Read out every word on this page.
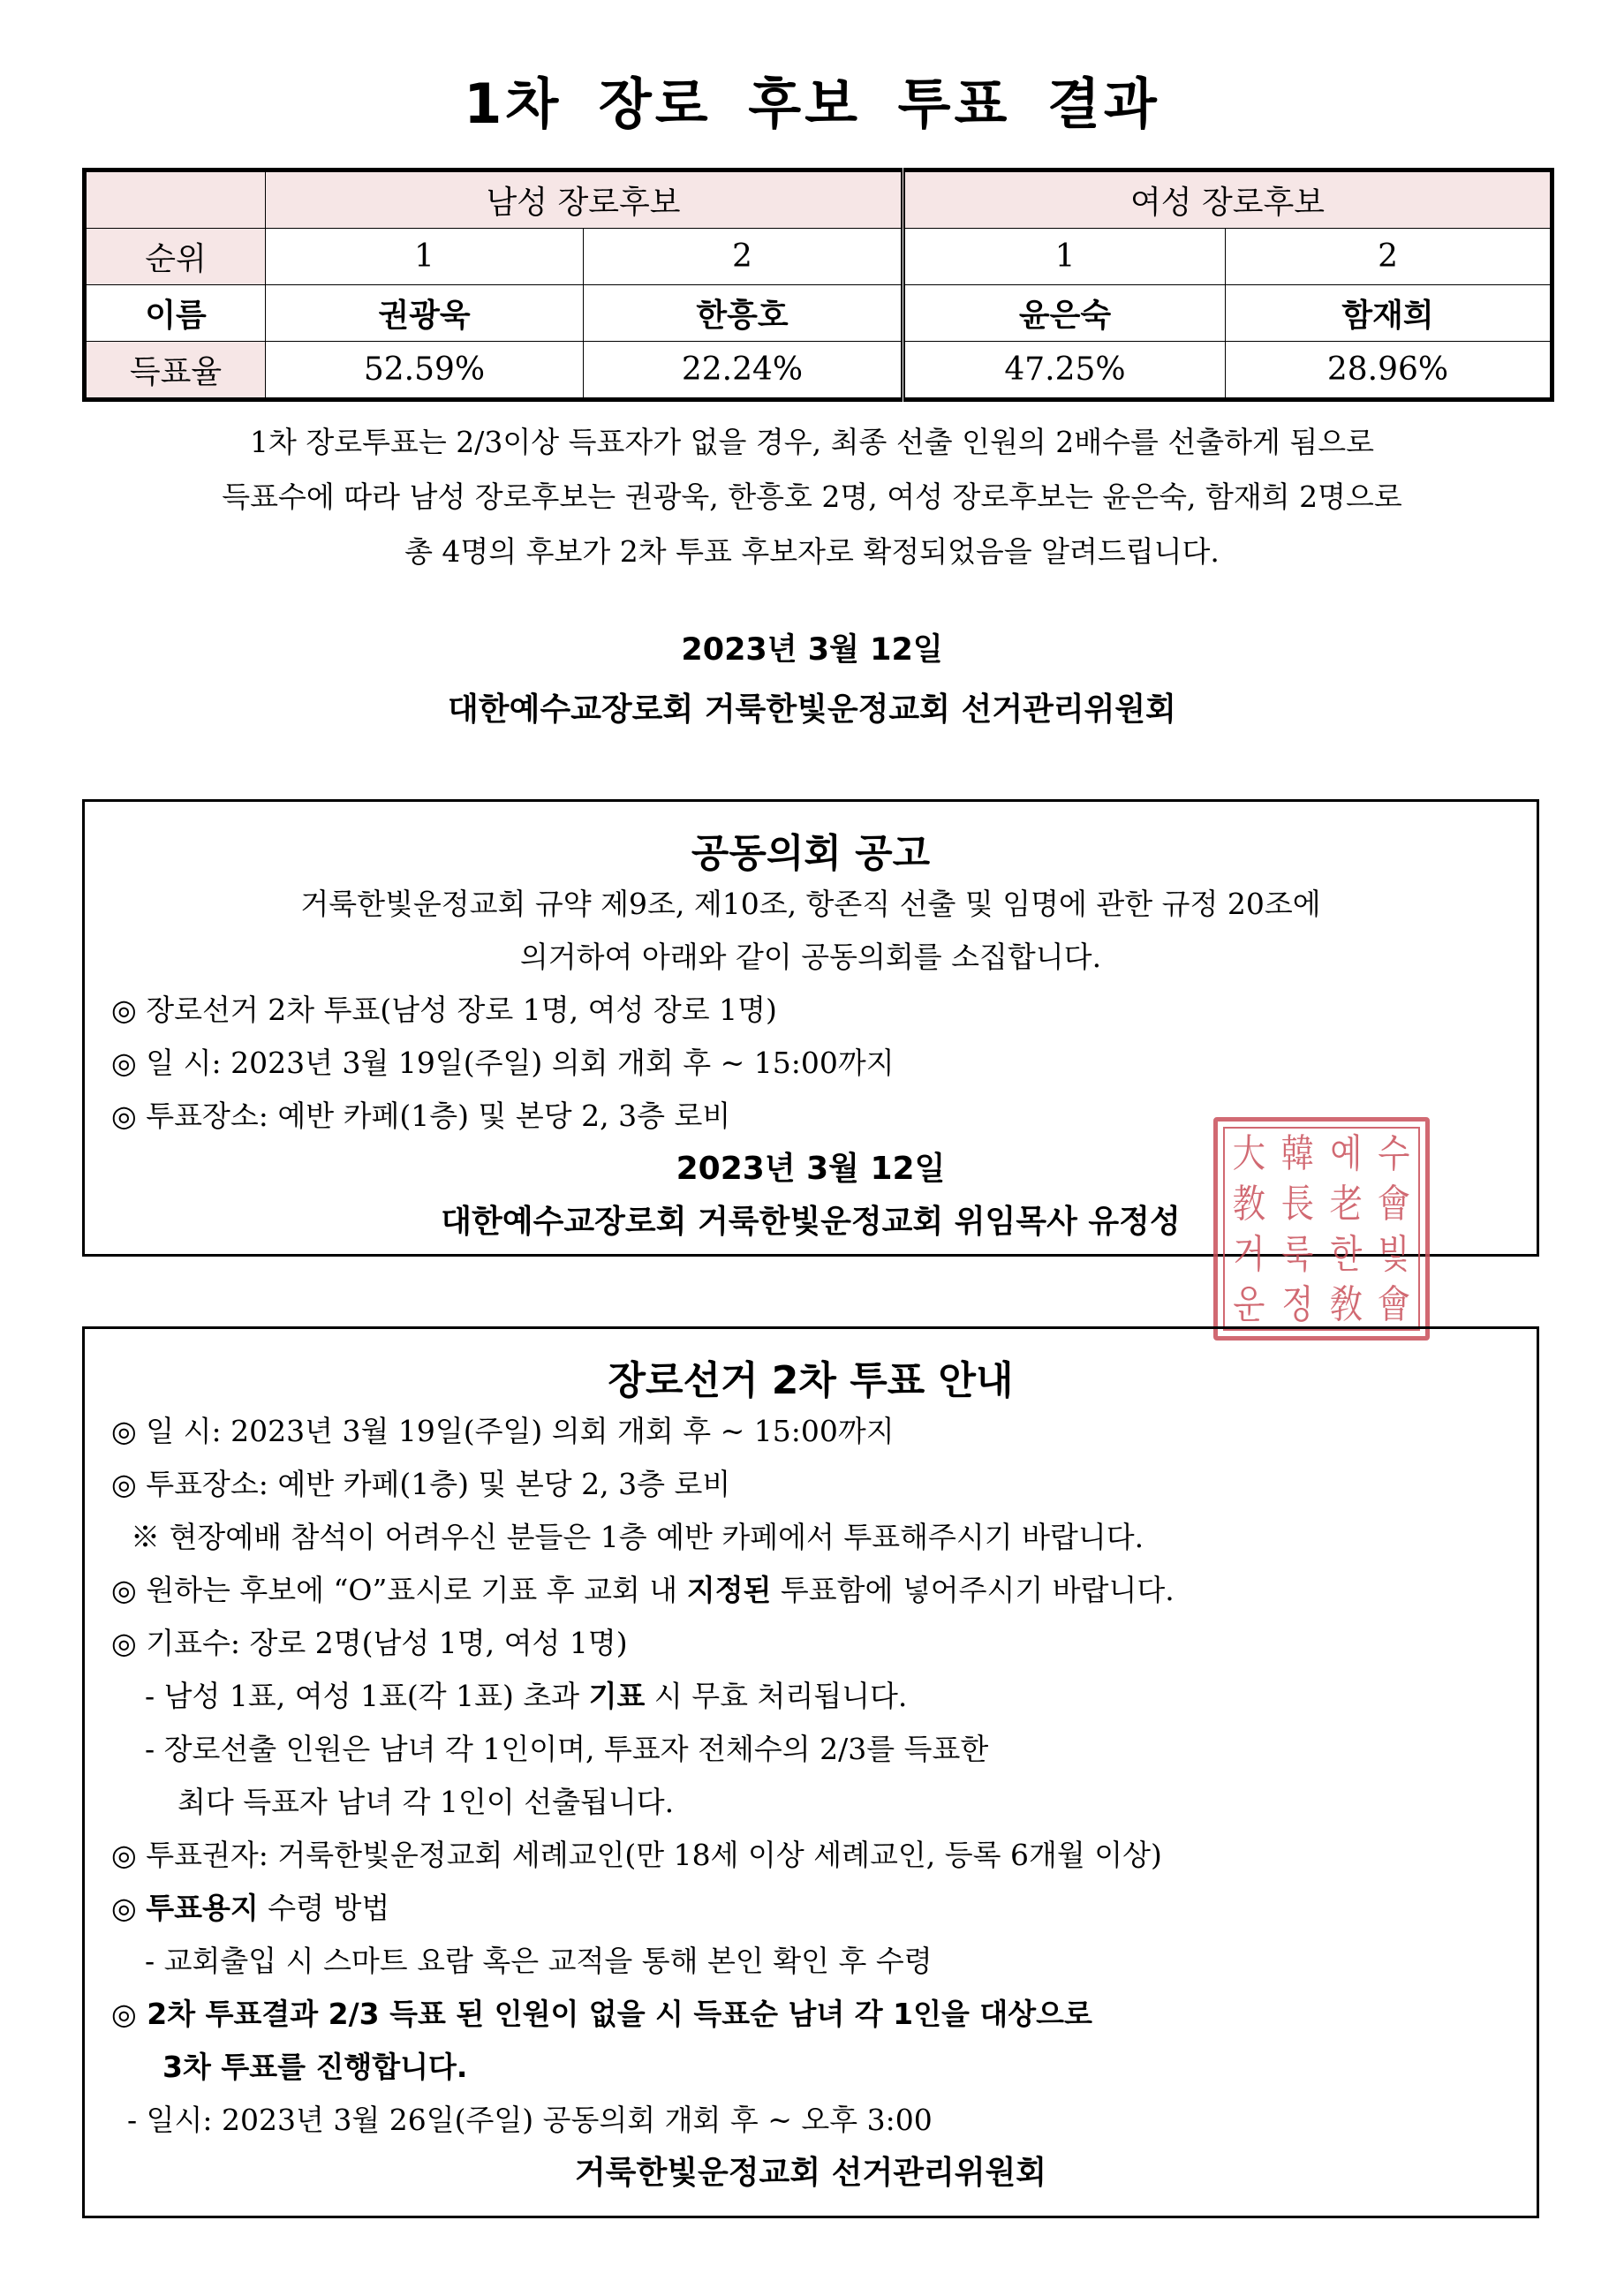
1차 장로 후보 투표 결과
	남성 장로후보		여성 장로후보	
순위	1	2	1	2
이름	권광욱	한흥호	윤은숙	함재희
득표율	52.59%	22.24%	47.25%	28.96%
1차 장로투표는 2/3이상 득표자가 없을 경우, 최종 선출 인원의 2배수를 선출하게 됨으로
득표수에 따라 남성 장로후보는 권광욱, 한흥호 2명, 여성 장로후보는 윤은숙, 함재희 2명으로
총 4명의 후보가 2차 투표 후보자로 확정되었음을 알려드립니다.
2023년 3월 12일
대한예수교장로회 거룩한빛운정교회 선거관리위원회
공동의회 공고
거룩한빛운정교회 규약 제9조, 제10조, 항존직 선출 및 임명에 관한 규정 20조에
의거하여 아래와 같이 공동의회를 소집합니다.
◎ 장로선거 2차 투표(남성 장로 1명, 여성 장로 1명)
◎ 일 시: 2023년 3월 19일(주일) 의회 개회 후 ~ 15:00까지
◎ 투표장소: 예반 카페(1층) 및 본당 2, 3층 로비
2023년 3월 12일
대한예수교장로회 거룩한빛운정교회 위임목사 유정성
大 韓 예 수
教 長 老 會
거 룩 한 빛
운 정 敎 會
장로선거 2차 투표 안내
◎ 일 시: 2023년 3월 19일(주일) 의회 개회 후 ~ 15:00까지
◎ 투표장소: 예반 카페(1층) 및 본당 2, 3층 로비
※ 현장예배 참석이 어려우신 분들은 1층 예반 카페에서 투표해주시기 바랍니다.
◎ 원하는 후보에 “O”표시로 기표 후 교회 내 지정된 투표함에 넣어주시기 바랍니다.
◎ 기표수: 장로 2명(남성 1명, 여성 1명)
- 남성 1표, 여성 1표(각 1표) 초과 기표 시 무효 처리됩니다.
- 장로선출 인원은 남녀 각 1인이며, 투표자 전체수의 2/3를 득표한
최다 득표자 남녀 각 1인이 선출됩니다.
◎ 투표권자: 거룩한빛운정교회 세례교인(만 18세 이상 세례교인, 등록 6개월 이상)
◎ 투표용지 수령 방법
- 교회출입 시 스마트 요람 혹은 교적을 통해 본인 확인 후 수령
◎ 2차 투표결과 2/3 득표 된 인원이 없을 시 득표순 남녀 각 1인을 대상으로
3차 투표를 진행합니다.
- 일시: 2023년 3월 26일(주일) 공동의회 개회 후 ~ 오후 3:00
거룩한빛운정교회 선거관리위원회
